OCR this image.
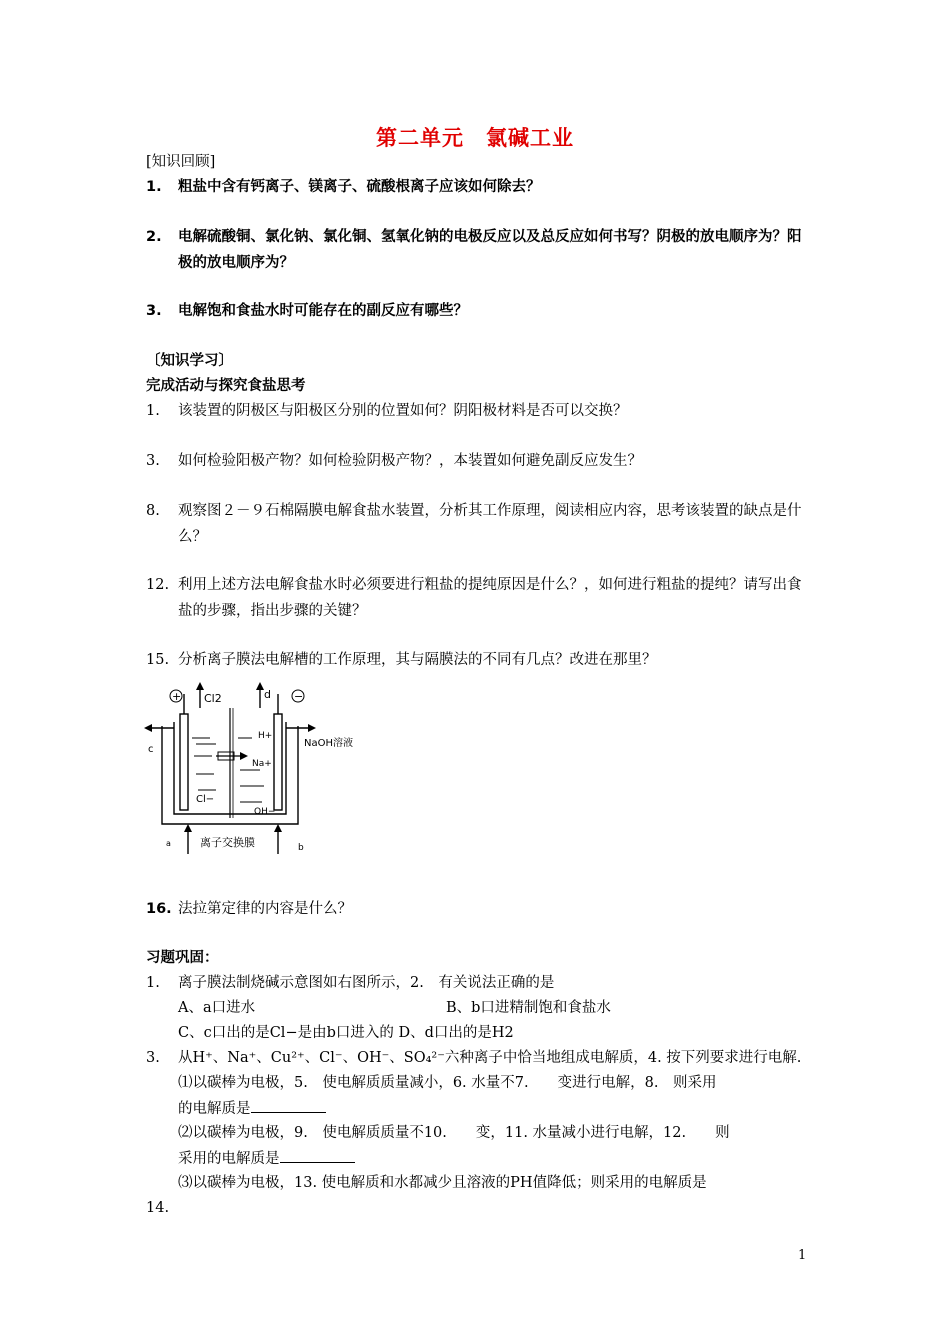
第二单元　氯碱工业
[知识回顾]
1. 粗盐中含有钙离子、镁离子、硫酸根离子应该如何除去？
2. 电解硫酸铜、氯化钠、氯化铜、氢氧化钠的电极反应以及总反应如何书写？阴极的放电顺序为？阳极的放电顺序为？
3. 电解饱和食盐水时可能存在的副反应有哪些？
〔知识学习〕
完成活动与探究食盐思考
1. 该装置的阴极区与阳极区分别的位置如何？阴阳极材料是否可以交换？
3. 如何检验阳极产物？如何检验阴极产物？，本装置如何避免副反应发生？
8. 观察图２－９石棉隔膜电解食盐水装置，分析其工作原理，阅读相应内容，思考该装置的缺点是什么？
12. 利用上述方法电解食盐水时必须要进行粗盐的提纯原因是什么？，如何进行粗盐的提纯？请写出食盐的步骤，指出步骤的关键？
15. 分析离子膜法电解槽的工作原理，其与隔膜法的不同有几点？改进在那里？
+	−
Cl2	d
c
H+
Na+
NaOH溶液
Cl−
OH−
a	b
离子交换膜
16. 法拉第定律的内容是什么？
习题巩固：
1. 离子膜法制烧碱示意图如右图所示，2.　有关说法正确的是
A、a口进水	B、b口进精制饱和食盐水
C、c口出的是Cl−是由b口进入的 D、d口出的是H2
3. 从H⁺、Na⁺、Cu²⁺、Cl⁻、OH⁻、SO₄²⁻六种离子中恰当地组成电解质，4. 按下列要求进行电解.
⑴以碳棒为电极，5.　使电解质质量减小，6. 水量不7.　　变进行电解，8.　则采用
的电解质是
⑵以碳棒为电极，9.　使电解质质量不10.　　变，11. 水量减小进行电解，12.　　则
采用的电解质是
⑶以碳棒为电极，13. 使电解质和水都减少且溶液的PH值降低；则采用的电解质是
14.
1
